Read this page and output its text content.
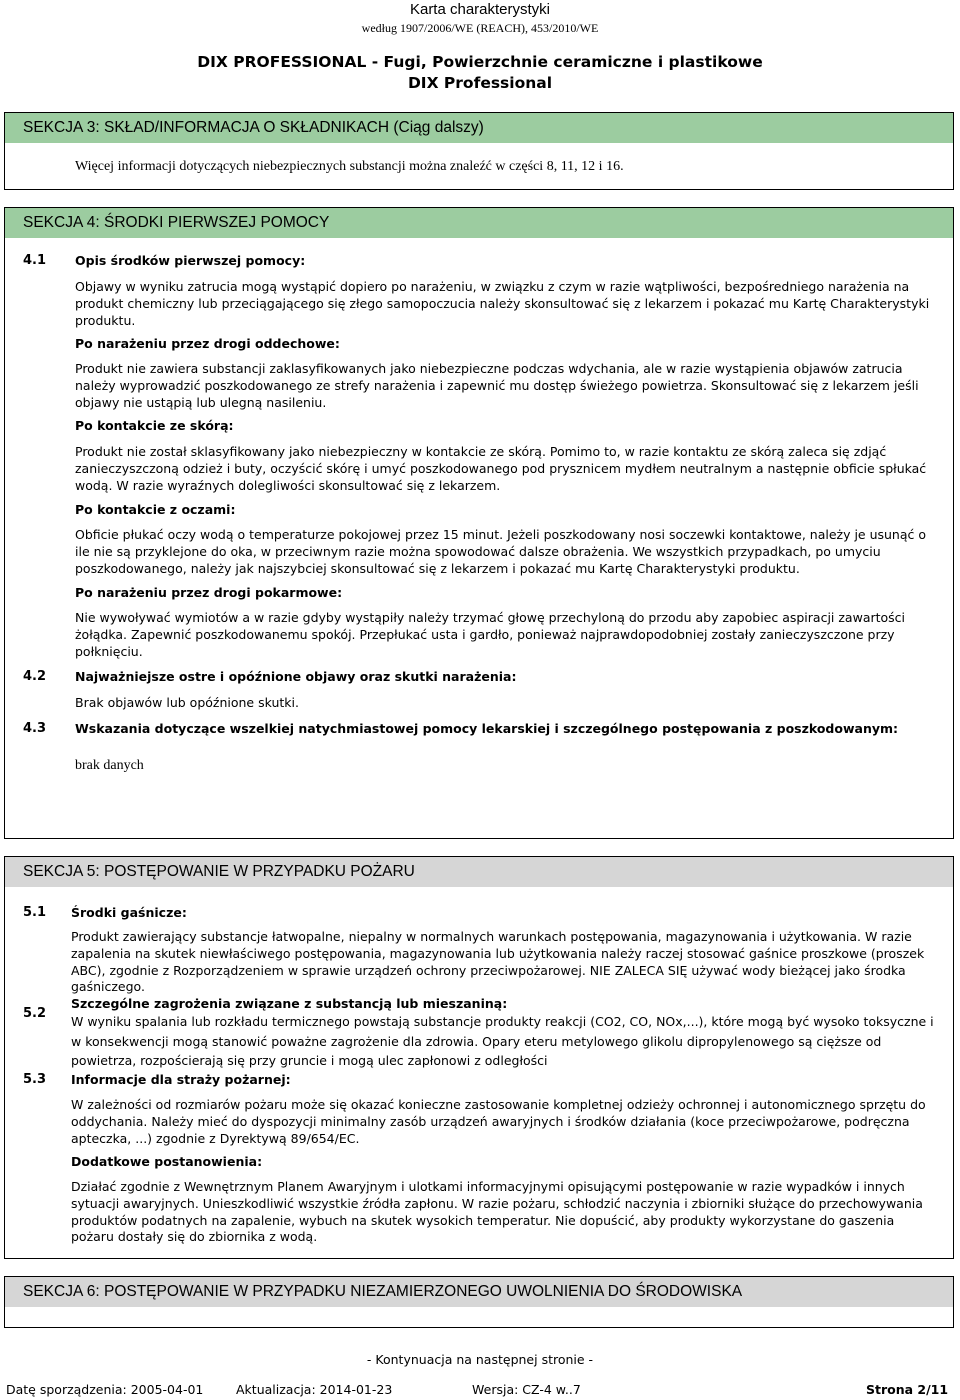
Karta charakterystyki
według 1907/2006/WE (REACH), 453/2010/WE
DIX PROFESSIONAL - Fugi, Powierzchnie ceramiczne i plastikowe
DIX Professional
SEKCJA 3: SKŁAD/INFORMACJA O SKŁADNIKACH (Ciąg dalszy)
Więcej informacji dotyczących niebezpiecznych substancji można znaleźć w części 8, 11, 12 i 16.
SEKCJA 4: ŚRODKI PIERWSZEJ POMOCY
4.1 Opis środków pierwszej pomocy:
Objawy w wyniku zatrucia mogą wystąpić dopiero po narażeniu, w związku z czym w razie wątpliwości, bezpośredniego narażenia na produkt chemiczny lub przeciągającego się złego samopoczucia należy skonsultować się z lekarzem i pokazać mu Kartę Charakterystyki produktu.
Po narażeniu przez drogi oddechowe:
Produkt nie zawiera substancji zaklasyfikowanych jako niebezpieczne podczas wdychania, ale w razie wystąpienia objawów zatrucia należy wyprowadzić poszkodowanego ze strefy narażenia i zapewnić mu dostęp świeżego powietrza. Skonsultować się z lekarzem jeśli objawy nie ustąpią lub ulegną nasileniu.
Po kontakcie ze skórą:
Produkt nie został sklasyfikowany jako niebezpieczny w kontakcie ze skórą. Pomimo to, w razie kontaktu ze skórą zaleca się zdjąć zanieczyszczoną odzież i buty, oczyścić skórę i umyć poszkodowanego pod prysznicem mydłem neutralnym a następnie obficie spłukać wodą. W razie wyraźnych dolegliwości skonsultować się z lekarzem.
Po kontakcie z oczami:
Obficie płukać oczy wodą o temperaturze pokojowej przez 15 minut. Jeżeli poszkodowany nosi soczewki kontaktowe, należy je usunąć o ile nie są przyklejone do oka, w przeciwnym razie można spowodować dalsze obrażenia. We wszystkich przypadkach, po umyciu poszkodowanego, należy jak najszybciej skonsultować się z lekarzem i pokazać mu Kartę Charakterystyki produktu.
Po narażeniu przez drogi pokarmowe:
Nie wywoływać wymiotów a w razie gdyby wystąpiły należy trzymać głowę przechyloną do przodu aby zapobiec aspiracji zawartości żołądka. Zapewnić poszkodowanemu spokój. Przepłukać usta i gardło, ponieważ najprawdopodobniej zostały zanieczyszczone przy połknięciu.
4.2 Najważniejsze ostre i opóźnione objawy oraz skutki narażenia:
Brak objawów lub opóźnione skutki.
4.3 Wskazania dotyczące wszelkiej natychmiastowej pomocy lekarskiej i szczególnego postępowania z poszkodowanym:
brak danych
SEKCJA 5: POSTĘPOWANIE W PRZYPADKU POŻARU
5.1 Środki gaśnicze:
Produkt zawierający substancje łatwopalne, niepalny w normalnych warunkach postępowania, magazynowania i użytkowania. W razie zapalenia na skutek niewłaściwego postępowania, magazynowania lub użytkowania należy raczej stosować gaśnice proszkowe (proszek ABC), zgodnie z Rozporządzeniem w sprawie urządzeń ochrony przeciwpożarowej. NIE ZALECA SIĘ używać wody bieżącej jako środka gaśniczego.
5.2
Szczególne zagrożenia związane z substancją lub mieszaniną:
W wyniku spalania lub rozkładu termicznego powstają substancje produkty reakcji (CO2, CO, NOx,...), które mogą być wysoko toksyczne i w konsekwencji mogą stanowić poważne zagrożenie dla zdrowia. Opary eteru metylowego glikolu dipropylenowego są cięższe od powietrza, rozpościerają się przy gruncie i mogą ulec zapłonowi z odległości
5.3 Informacje dla straży pożarnej:
W zależności od rozmiarów pożaru może się okazać konieczne zastosowanie kompletnej odzieży ochronnej i autonomicznego sprzętu do oddychania. Należy mieć do dyspozycji minimalny zasób urządzeń awaryjnych i środków działania (koce przeciwpożarowe, podręczna apteczka, ...) zgodnie z Dyrektywą 89/654/EC.
Dodatkowe postanowienia:
Działać zgodnie z Wewnętrznym Planem Awaryjnym i ulotkami informacyjnymi opisującymi postępowanie w razie wypadków i innych sytuacji awaryjnych. Unieszkodliwić wszystkie źródła zapłonu. W razie pożaru, schłodzić naczynia i zbiorniki służące do przechowywania produktów podatnych na zapalenie, wybuch na skutek wysokich temperatur. Nie dopuścić, aby produkty wykorzystane do gaszenia pożaru dostały się do zbiornika z wodą.
SEKCJA 6: POSTĘPOWANIE W PRZYPADKU NIEZAMIERZONEGO UWOLNIENIA DO ŚRODOWISKA
- Kontynuacja na następnej stronie -
Datę sporządzenia: 2005-04-01	Aktualizacja: 2014-01-23	Wersja: CZ-4 w..7	Strona 2/11
